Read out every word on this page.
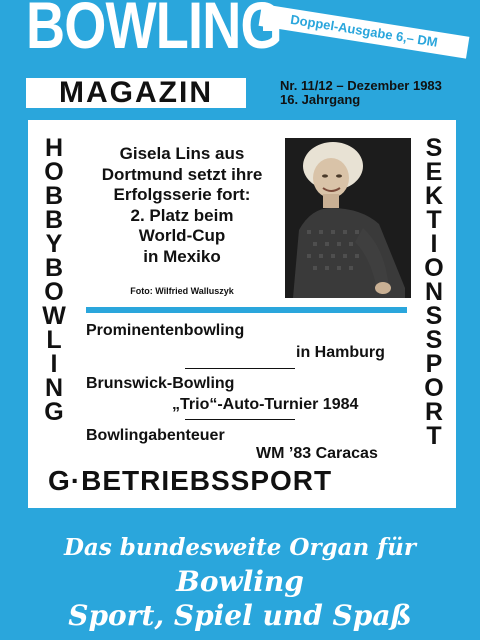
BOWLING Doppel-Ausgabe 6,– DM
MAGAZIN	Nr. 11/12 – Dezember 1983
16. Jahrgang
H
O
B
B
Y
B
O
W
L
I
N
G
S
E
K
T
I
O
N
S
S
P
O
R
T
Gisela Lins aus
Dortmund setzt ihre
Erfolgsserie fort:
2. Platz beim
World-Cup
in Mexiko
Foto: Wilfried Walluszyk
Prominentenbowling
in Hamburg
Brunswick-Bowling
„Trio“-Auto-Turnier 1984
Bowlingabenteuer
WM ’83 Caracas
G·BETRIEBSSPORT
Das bundesweite Organ für
Bowling
Sport, Spiel und Spaß
